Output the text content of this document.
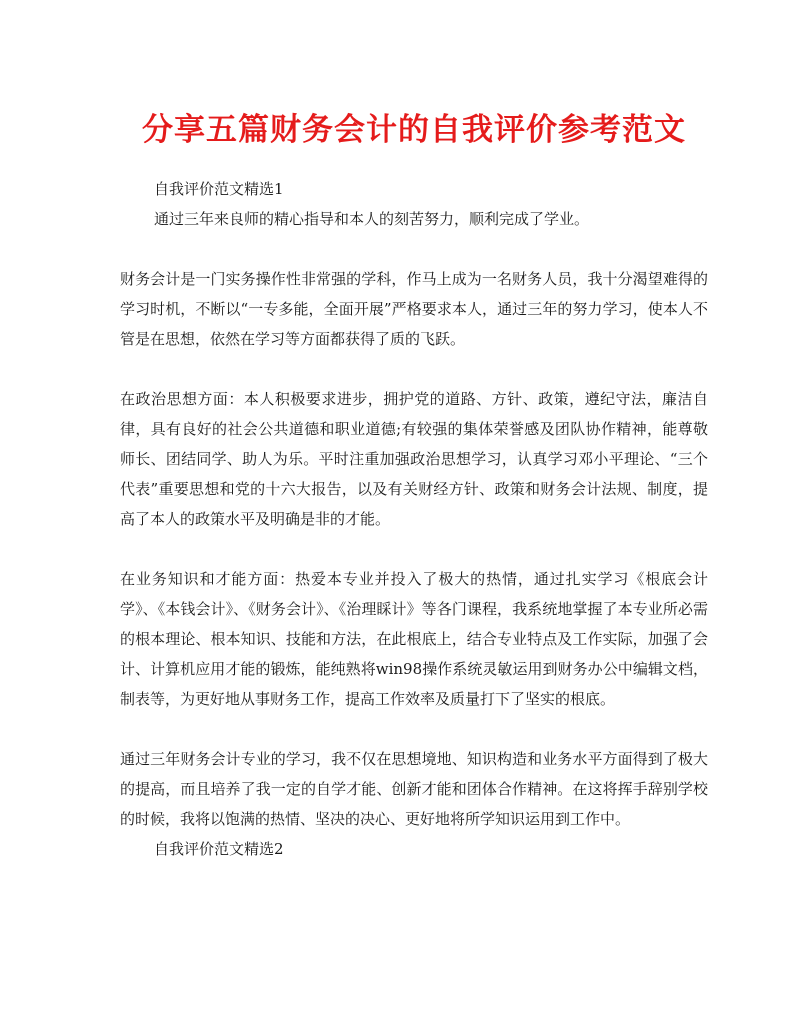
分享五篇财务会计的自我评价参考范文

自我评价范文精选1

通过三年来良师的精心指导和本人的刻苦努力，顺利完成了学业。

财务会计是一门实务操作性非常强的学科，作马上成为一名财务人员，我十分渴望难得的学习时机，不断以“一专多能，全面开展”严格要求本人，通过三年的努力学习，使本人不管是在思想，依然在学习等方面都获得了质的飞跃。

在政治思想方面：本人积极要求进步，拥护党的道路、方针、政策，遵纪守法，廉洁自律，具有良好的社会公共道德和职业道德;有较强的集体荣誉感及团队协作精神，能尊敬师长、团结同学、助人为乐。平时注重加强政治思想学习，认真学习邓小平理论、“三个代表”重要思想和党的十六大报告，以及有关财经方针、政策和财务会计法规、制度，提高了本人的政策水平及明确是非的才能。

在业务知识和才能方面：热爱本专业并投入了极大的热情，通过扎实学习《根底会计学》、《本钱会计》、《财务会计》、《治理睬计》等各门课程，我系统地掌握了本专业所必需的根本理论、根本知识、技能和方法，在此根底上，结合专业特点及工作实际，加强了会计、计算机应用才能的锻炼，能纯熟将win98操作系统灵敏运用到财务办公中编辑文档，制表等，为更好地从事财务工作，提高工作效率及质量打下了坚实的根底。

通过三年财务会计专业的学习，我不仅在思想境地、知识构造和业务水平方面得到了极大的提高，而且培养了我一定的自学才能、创新才能和团体合作精神。在这将挥手辞别学校的时候，我将以饱满的热情、坚决的决心、更好地将所学知识运用到工作中。

自我评价范文精选2
